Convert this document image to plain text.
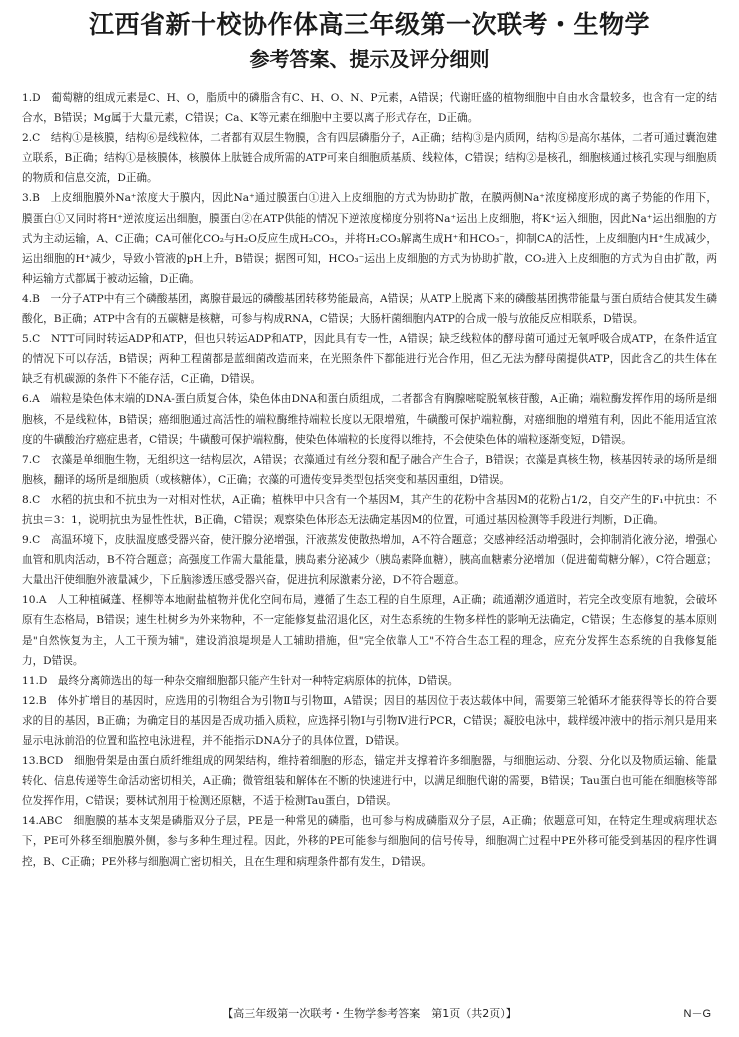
江西省新十校协作体高三年级第一次联考・生物学
参考答案、提示及评分细则

1.D　葡萄糖的组成元素是C、H、O，脂质中的磷脂含有C、H、O、N、P元素，A错误；代谢旺盛的植物细胞中自由水含量较多，也含有一定的结合水，B错误；Mg属于大量元素，C错误；Ca、K等元素在细胞中主要以离子形式存在，D正确。

2.C　结构①是核膜，结构⑥是线粒体，二者都有双层生物膜，含有四层磷脂分子，A正确；结构③是内质网，结构⑤是高尔基体，二者可通过囊泡建立联系，B正确；结构①是核膜体，核膜体上肽链合成所需的ATP可来自细胞质基质、线粒体，C错误；结构②是核孔，细胞核通过核孔实现与细胞质的物质和信息交流，D正确。

3.B　上皮细胞膜外Na⁺浓度大于膜内，因此Na⁺通过膜蛋白①进入上皮细胞的方式为协助扩散，在膜两侧Na⁺浓度梯度形成的离子势能的作用下，膜蛋白①又同时将H⁺逆浓度运出细胞，膜蛋白②在ATP供能的情况下逆浓度梯度分别将Na⁺运出上皮细胞，将K⁺运入细胞，因此Na⁺运出细胞的方式为主动运输，A、C正确；CA可催化CO₂与H₂O反应生成H₂CO₃，并将H₂CO₃解离生成H⁺和HCO₃⁻，抑制CA的活性，上皮细胞内H⁺生成减少，运出细胞的H⁺减少，导致小管液的pH上升，B错误；据图可知，HCO₃⁻运出上皮细胞的方式为协助扩散，CO₂进入上皮细胞的方式为自由扩散，两种运输方式都属于被动运输，D正确。

4.B　一分子ATP中有三个磷酸基团，离腺苷最远的磷酸基团转移势能最高，A错误；从ATP上脱离下来的磷酸基团携带能量与蛋白质结合使其发生磷酸化，B正确；ATP中含有的五碳糖是核糖，可参与构成RNA，C错误；大肠杆菌细胞内ATP的合成一般与放能反应相联系，D错误。

5.C　NTT可同时转运ADP和ATP，但也只转运ADP和ATP，因此具有专一性，A错误；缺乏线粒体的酵母菌可通过无氧呼吸合成ATP，在条件适宜的情况下可以存活，B错误；两种工程菌都是蓝细菌改造而来，在光照条件下都能进行光合作用，但乙无法为酵母菌提供ATP，因此含乙的共生体在缺乏有机碳源的条件下不能存活，C正确，D错误。

6.A　端粒是染色体末端的DNA-蛋白质复合体，染色体由DNA和蛋白质组成，二者都含有胸腺嘧啶脱氧核苷酸，A正确；端粒酶发挥作用的场所是细胞核，不是线粒体，B错误；癌细胞通过高活性的端粒酶维持端粒长度以无限增殖，牛磺酸可保护端粒酶，对癌细胞的增殖有利，因此不能用适宜浓度的牛磺酸治疗癌症患者，C错误；牛磺酸可保护端粒酶，使染色体端粒的长度得以维持，不会使染色体的端粒逐渐变短，D错误。

7.C　衣藻是单细胞生物，无组织这一结构层次，A错误；衣藻通过有丝分裂和配子融合产生合子，B错误；衣藻是真核生物，核基因转录的场所是细胞核，翻译的场所是细胞质（或核糖体），C正确；衣藻的可遗传变异类型包括突变和基因重组，D错误。

8.C　水稻的抗虫和不抗虫为一对相对性状，A正确；植株甲中只含有一个基因M，其产生的花粉中含基因M的花粉占1/2，自交产生的F₁中抗虫：不抗虫＝3：1，说明抗虫为显性性状，B正确，C错误；观察染色体形态无法确定基因M的位置，可通过基因检测等手段进行判断，D正确。

9.C　高温环境下，皮肤温度感受器兴奋，使汗腺分泌增强，汗液蒸发使散热增加，A不符合题意；交感神经活动增强时，会抑制消化液分泌，增强心血管和肌肉活动，B不符合题意；高强度工作需大量能量，胰岛素分泌减少（胰岛素降血糖），胰高血糖素分泌增加（促进葡萄糖分解），C符合题意；大量出汗使细胞外液量减少，下丘脑渗透压感受器兴奋，促进抗利尿激素分泌，D不符合题意。

10.A　人工种植碱蓬、柽柳等本地耐盐植物并优化空间布局，遵循了生态工程的自生原理，A正确；疏通潮汐通道时，若完全改变原有地貌，会破坏原有生态格局，B错误；速生杜树乡为外来物种，不一定能修复盐沼退化区，对生态系统的生物多样性的影响无法确定，C错误；生态修复的基本原则是"自然恢复为主，人工干预为辅"，建设消浪堤坝是人工辅助措施，但"完全依靠人工"不符合生态工程的理念，应充分发挥生态系统的自我修复能力，D错误。

11.D　最终分离筛选出的每一种杂交瘤细胞都只能产生针对一种特定病原体的抗体，D错误。

12.B　体外扩增目的基因时，应选用的引物组合为引物Ⅱ与引物Ⅲ，A错误；因目的基因位于表达载体中间，需要第三轮循环才能获得等长的符合要求的目的基因，B正确；为确定目的基因是否成功插入质粒，应选择引物Ⅰ与引物Ⅳ进行PCR，C错误；凝胶电泳中，载样缓冲液中的指示剂只是用来显示电泳前沿的位置和监控电泳进程，并不能指示DNA分子的具体位置，D错误。

13.BCD　细胞骨架是由蛋白质纤维组成的网架结构，维持着细胞的形态，锚定并支撑着许多细胞器，与细胞运动、分裂、分化以及物质运输、能量转化、信息传递等生命活动密切相关，A正确；微管组装和解体在不断的快速进行中，以满足细胞代谢的需要，B错误；Tau蛋白也可能在细胞核等部位发挥作用，C错误；要林试剂用于检测还原糖，不适于检测Tau蛋白，D错误。

14.ABC　细胞膜的基本支架是磷脂双分子层，PE是一种常见的磷脂，也可参与构成磷脂双分子层，A正确；依题意可知，在特定生理或病理状态下，PE可外移至细胞膜外侧，参与多种生理过程。因此，外移的PE可能参与细胞间的信号传导，细胞凋亡过程中PE外移可能受到基因的程序性调控，B、C正确；PE外移与细胞凋亡密切相关，且在生理和病理条件都有发生，D错误。

【高三年级第一次联考・生物学参考答案　第1页（共2页）】	N－G
